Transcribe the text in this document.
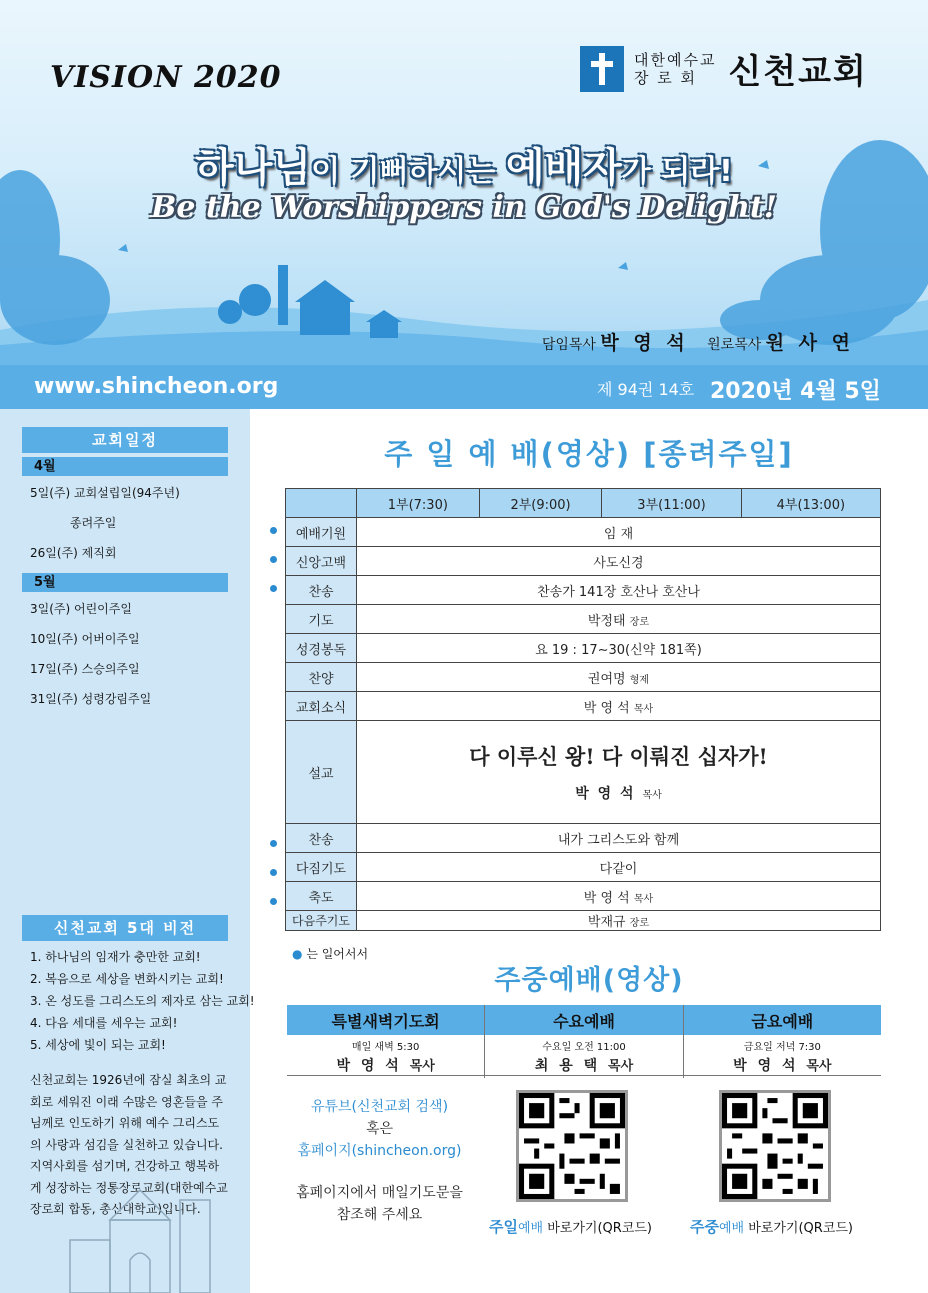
VISION 2020
대한예수교
장 로 회 신천교회
하나님이 기뻐하시는 예배자가 되라!
Be the Worshippers in God's Delight!
담임목사 박 영 석 원로목사 원 사 연
www.shincheon.org	제 94권 14호 2020년 4월 5일
교회일정
4월
5일(주) 교회설립일(94주년)
종려주일
26일(주) 제직회
5월
3일(주) 어린이주일
10일(주) 어버이주일
17일(주) 스승의주일
31일(주) 성령강림주일
신천교회 5대 비전
1. 하나님의 임재가 충만한 교회!
2. 복음으로 세상을 변화시키는 교회!
3. 온 성도를 그리스도의 제자로 삼는 교회!
4. 다음 세대를 세우는 교회!
5. 세상에 빛이 되는 교회!
신천교회는 1926년에 잠실 최초의 교회로 세워진 이래 수많은 영혼들을 주님께로 인도하기 위해 예수 그리스도의 사랑과 섬김을 실천하고 있습니다. 지역사회를 섬기며, 건강하고 행복하게 성장하는 정통장로교회(대한예수교장로회 합동, 총신대학교)입니다.
주 일 예 배(영상) [종려주일]
	1부(7:30)	2부(9:00)	3부(11:00)	4부(13:00)
예배기원	임 재			
신앙고백	사도신경			
찬송	찬송가 141장 호산나 호산나			
기도	박정태 장로			
성경봉독	요 19 : 17∼30(신약 181쪽)			
찬양	권여명 형제			
교회소식	박 영 석 목사			
설교	다 이루신 왕! 다 이뤄진 십자가!
박 영 석 목사			
찬송	내가 그리스도와 함께			
다짐기도	다같이			
축도	박 영 석 목사			
다음주기도	박재규 장로			
● 는 일어서서
주중예배(영상)
특별새벽기도회	수요예배	금요예배
매일 새벽 5:30	수요일 오전 11:00	금요일 저녁 7:30
박 영 석 목사	최 용 택 목사	박 영 석 목사
유튜브(신천교회 검색)
혹은
홈페이지(shincheon.org)
홈페이지에서 매일기도문을
참조해 주세요
주일예배 바로가기(QR코드)	주중예배 바로가기(QR코드)
